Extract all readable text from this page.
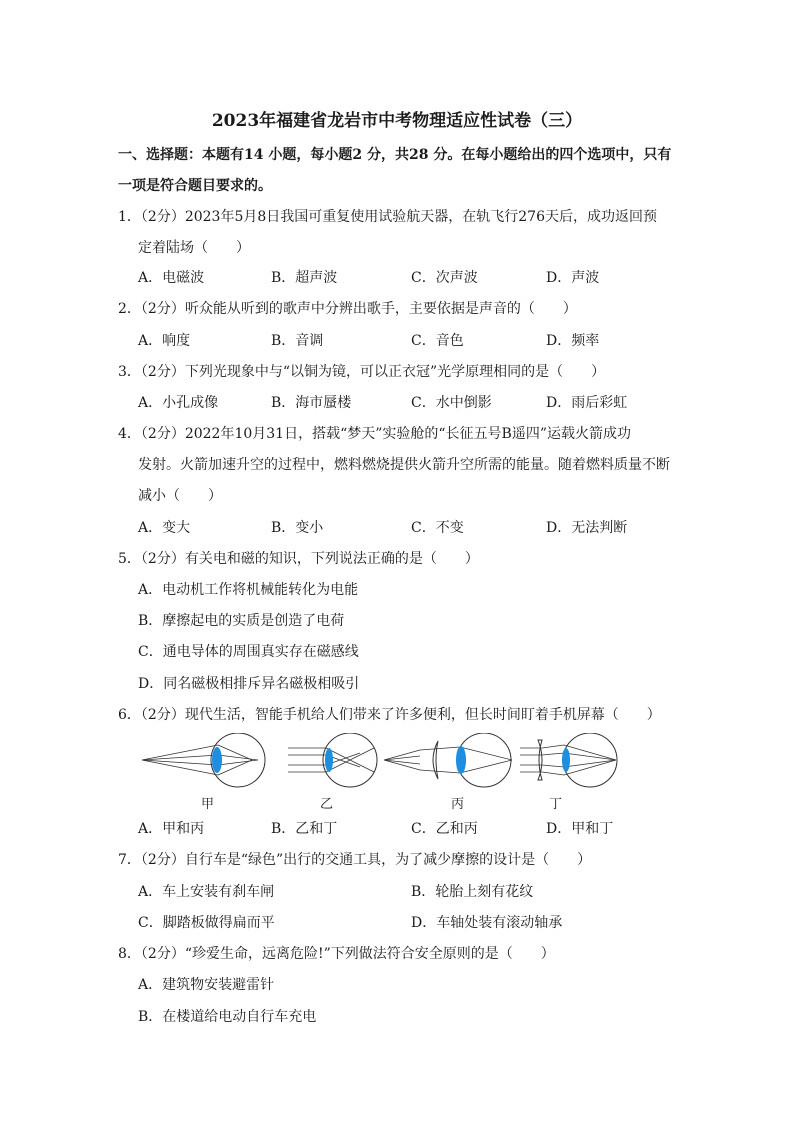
2023年福建省龙岩市中考物理适应性试卷（三）
一、选择题：本题有14 小题，每小题2 分，共28 分。在每小题给出的四个选项中，只有
一项是符合题目要求的。
1．（2分）2023年5月8日我国可重复使用试验航天器，在轨飞行276天后，成功返回预
定着陆场（　　）
A．电磁波	B．超声波	C．次声波	D．声波
2．（2分）听众能从听到的歌声中分辨出歌手，主要依据是声音的（　　）
A．响度	B．音调	C．音色	D．频率
3．（2分）下列光现象中与“以铜为镜，可以正衣冠”光学原理相同的是（　　）
A．小孔成像	B．海市蜃楼	C．水中倒影	D．雨后彩虹
4．（2分）2022年10月31日，搭载“梦天”实验舱的“长征五号B遥四”运载火箭成功
发射。火箭加速升空的过程中，燃料燃烧提供火箭升空所需的能量。随着燃料质量不断
减小（　　）
A．变大	B．变小	C．不变	D．无法判断
5．（2分）有关电和磁的知识，下列说法正确的是（　　）
A．电动机工作将机械能转化为电能
B．摩擦起电的实质是创造了电荷
C．通电导体的周围真实存在磁感线
D．同名磁极相排斥异名磁极相吸引
6．（2分）现代生活，智能手机给人们带来了许多便利，但长时间盯着手机屏幕（　　）
甲	乙	丙	丁
A．甲和丙	B．乙和丁	C．乙和丙	D．甲和丁
7．（2分）自行车是“绿色”出行的交通工具，为了减少摩擦的设计是（　　）
A．车上安装有刹车闸	B．轮胎上刻有花纹
C．脚踏板做得扁而平	D．车轴处装有滚动轴承
8．（2分）“珍爱生命，远离危险!”下列做法符合安全原则的是（　　）
A．建筑物安装避雷针
B．在楼道给电动自行车充电
